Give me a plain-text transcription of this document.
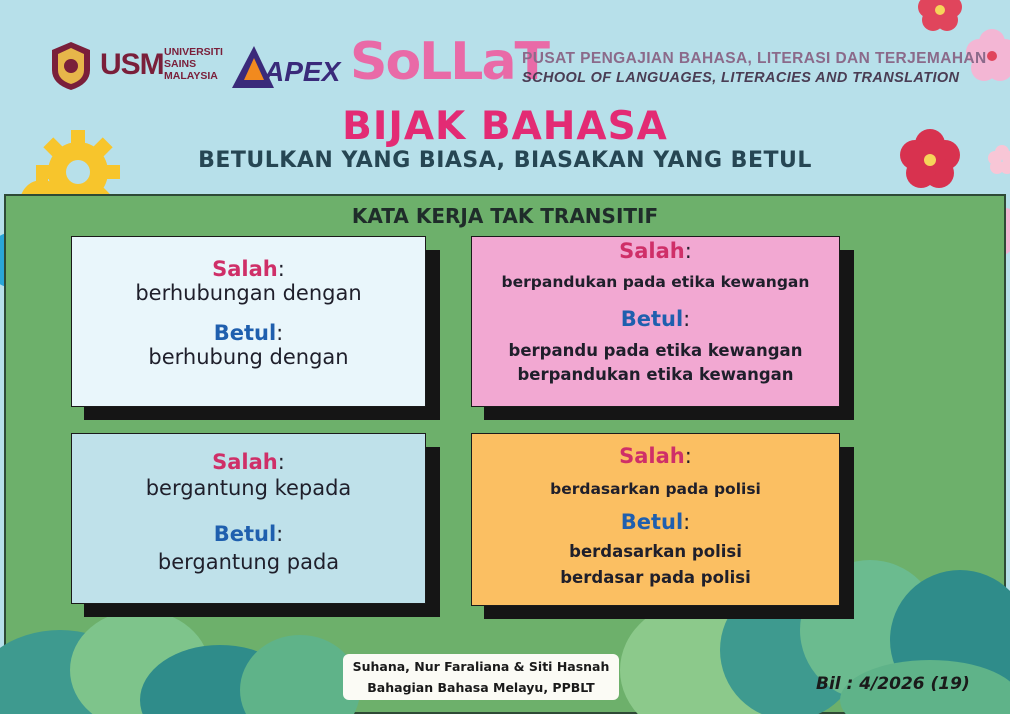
USM UNIVERSITI
SAINS
MALAYSIA	APEX SoLLaT
PUSAT PENGAJIAN BAHASA, LITERASI DAN TERJEMAHAN
SCHOOL OF LANGUAGES, LITERACIES AND TRANSLATION
BIJAK BAHASA
BETULKAN YANG BIASA, BIASAKAN YANG BETUL
KATA KERJA TAK TRANSITIF
Salah:
berhubungan dengan
Betul:
berhubung dengan
Salah:
berpandukan pada etika kewangan
Betul:
berpandu pada etika kewangan
berpandukan etika kewangan
Salah:
bergantung kepada
Betul:
bergantung pada
Salah:
berdasarkan pada polisi
Betul:
berdasarkan polisi
berdasar pada polisi
Suhana, Nur Faraliana & Siti Hasnah
Bahagian Bahasa Melayu, PPBLT	Bil : 4/2026 (19)
